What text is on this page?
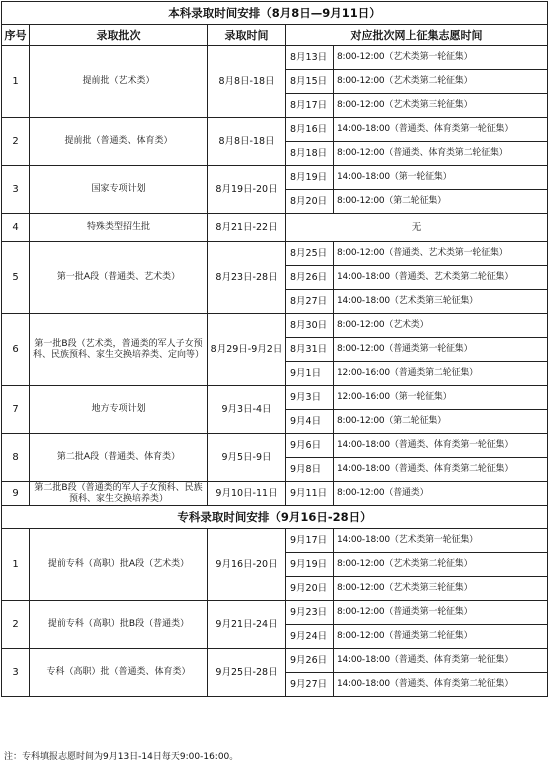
本科录取时间安排（8月8日—9月11日）				
序号	录取批次	录取时间	对应批次网上征集志愿时间	
1	提前批（艺术类）	8月8日-18日	8月13日	8:00-12:00（艺术类第一轮征集）
			8月15日	8:00-12:00（艺术类第二轮征集）
			8月17日	8:00-12:00（艺术类第三轮征集）
2	提前批（普通类、体育类）	8月8日-18日	8月16日	14:00-18:00（普通类、体育类第一轮征集）
			8月18日	8:00-12:00（普通类、体育类第二轮征集）
3	国家专项计划	8月19日-20日	8月19日	14:00-18:00（第一轮征集）
			8月20日	8:00-12:00（第二轮征集）
4	特殊类型招生批	8月21日-22日	无	
5	第一批A段（普通类、艺术类）	8月23日-28日	8月25日	8:00-12:00（普通类、艺术类第一轮征集）
			8月26日	14:00-18:00（普通类、艺术类第二轮征集）
			8月27日	14:00-18:00（艺术类第三轮征集）
6	第一批B段（艺术类，普通类的军人子女预科、民族预科、家生交换培养类、定向等）	8月29日-9月2日	8月30日	8:00-12:00（艺术类）
			8月31日	8:00-12:00（普通类第一轮征集）
			9月1日	12:00-16:00（普通类第二轮征集）
7	地方专项计划	9月3日-4日	9月3日	12:00-16:00（第一轮征集）
			9月4日	8:00-12:00（第二轮征集）
8	第二批A段（普通类、体育类）	9月5日-9日	9月6日	14:00-18:00（普通类、体育类第一轮征集）
			9月8日	14:00-18:00（普通类、体育类第二轮征集）
9	第二批B段（普通类的军人子女预科、民族预科、家生交换培养类）	9月10日-11日	9月11日	8:00-12:00（普通类）
专科录取时间安排（9月16日-28日）				
1	提前专科（高职）批A段（艺术类）	9月16日-20日	9月17日	14:00-18:00（艺术类第一轮征集）
			9月19日	8:00-12:00（艺术类第二轮征集）
			9月20日	8:00-12:00（艺术类第三轮征集）
2	提前专科（高职）批B段（普通类）	9月21日-24日	9月23日	8:00-12:00（普通类第一轮征集）
			9月24日	8:00-12:00（普通类第二轮征集）
3	专科（高职）批（普通类、体育类）	9月25日-28日	9月26日	14:00-18:00（普通类、体育类第一轮征集）
			9月27日	14:00-18:00（普通类、体育类第二轮征集）
注：专科填报志愿时间为9月13日-14日每天9:00-16:00。
